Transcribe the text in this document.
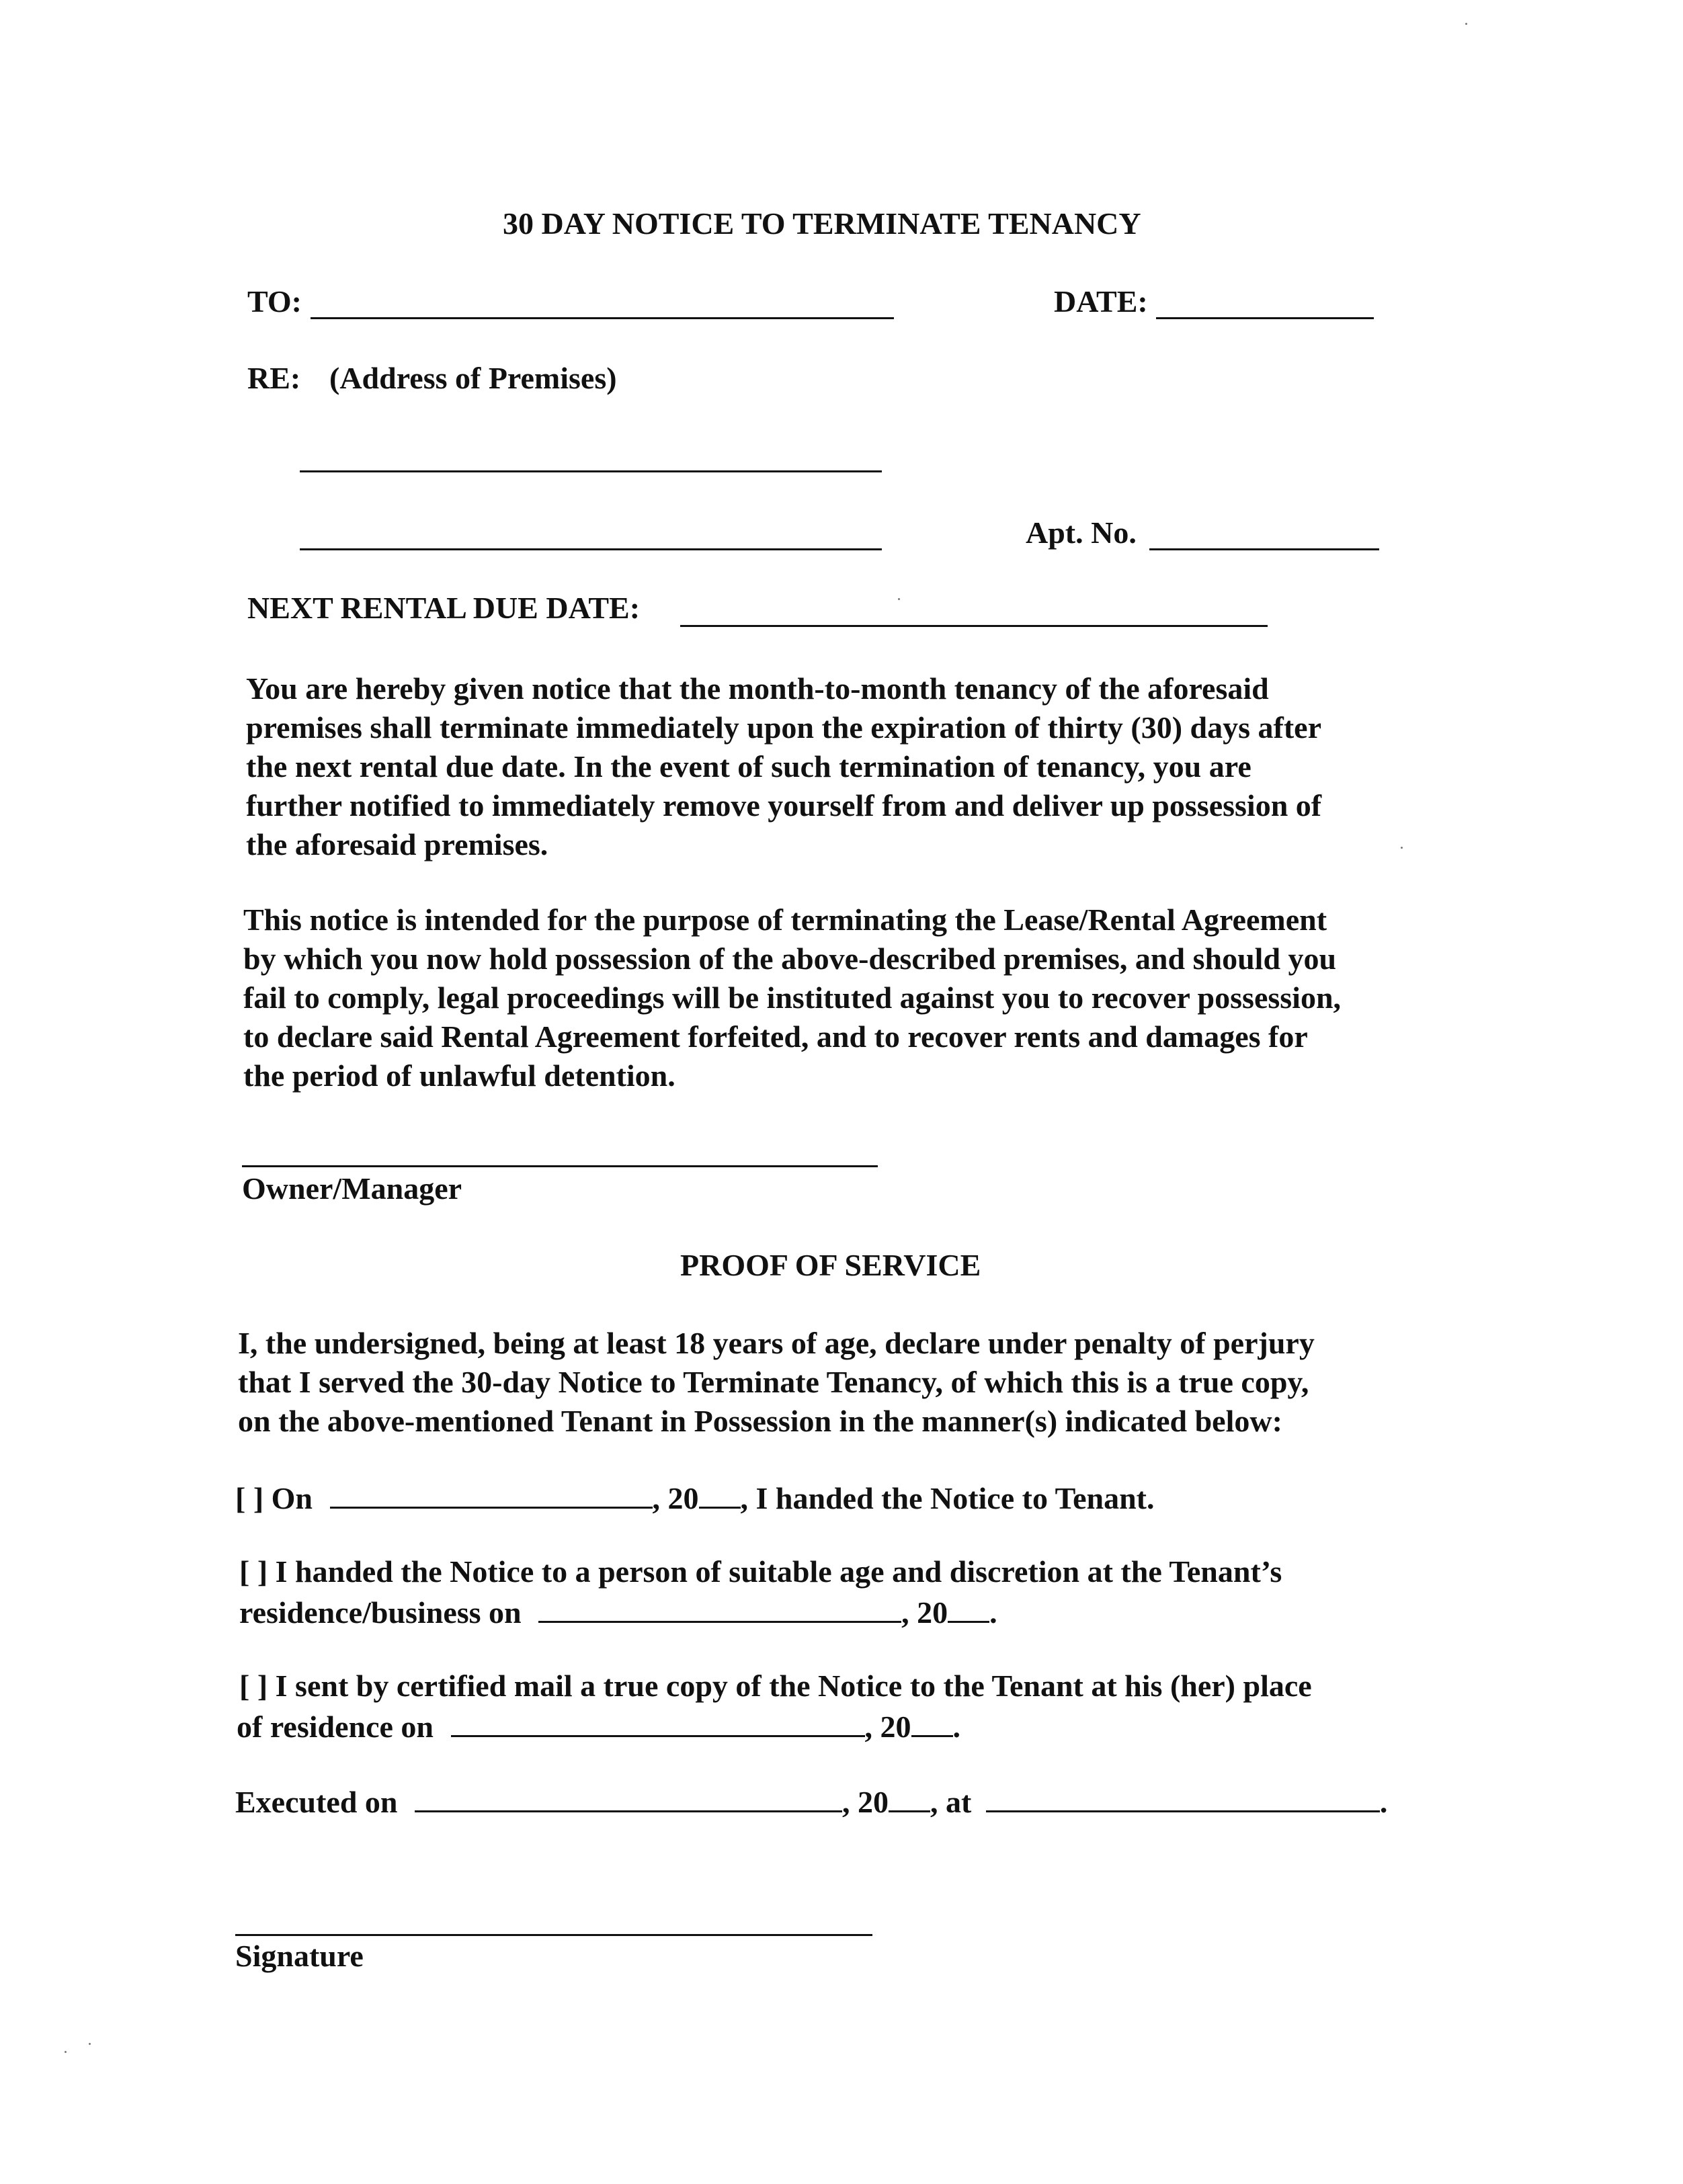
30 DAY NOTICE TO TERMINATE TENANCY
TO:	DATE:
RE: (Address of Premises)
Apt. No.
NEXT RENTAL DUE DATE:
You are hereby given notice that the month-to-month tenancy of the aforesaid
premises shall terminate immediately upon the expiration of thirty (30) days after
the next rental due date. In the event of such termination of tenancy, you are
further notified to immediately remove yourself from and deliver up possession of
the aforesaid premises.
This notice is intended for the purpose of terminating the Lease/Rental Agreement
by which you now hold possession of the above-described premises, and should you
fail to comply, legal proceedings will be instituted against you to recover possession,
to declare said Rental Agreement forfeited, and to recover rents and damages for
the period of unlawful detention.
Owner/Manager
PROOF OF SERVICE
I, the undersigned, being at least 18 years of age, declare under penalty of perjury
that I served the 30-day Notice to Terminate Tenancy, of which this is a true copy,
on the above-mentioned Tenant in Possession in the manner(s) indicated below:
[ ] On	, 20 , I handed the Notice to Tenant.
[ ] I handed the Notice to a person of suitable age and discretion at the Tenant’s
residence/business on	, 20 .
[ ] I sent by certified mail a true copy of the Notice to the Tenant at his (her) place
of residence on	, 20 .
Executed on	, 20 , at	.
Signature
